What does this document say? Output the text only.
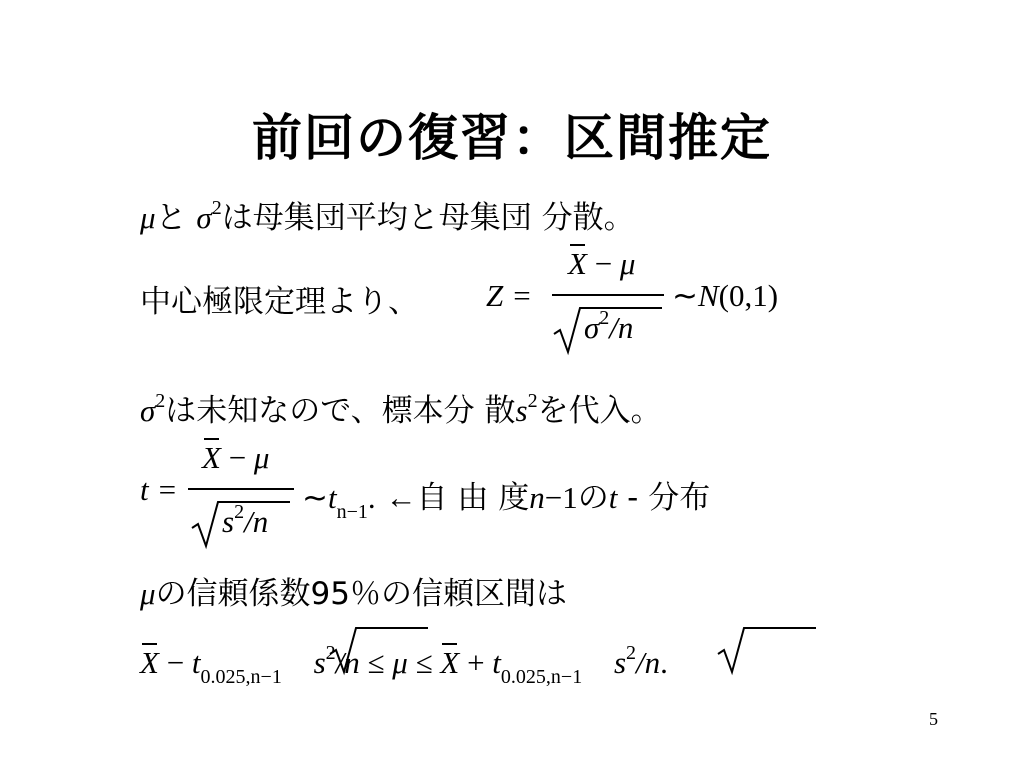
前回の復習：区間推定
μと $\sigma^2$は母集団平均と母集団 分散。
中心極限定理より、 Z =
X − μ
$\sigma^2/n$
∼N(0,1)
$\sigma^2$は未知なので、標本分 散$s^2$を代入。
t =
X − μ
$s^2/n$
$\sim t_{n-1}$. ←自 由 度n−1のt - 分布
μの信頼係数95％の信頼区間は
$X - t_{0.025,n-1}$ $s^2/n \le \mu \le X + t_{0.025,n-1}$ $s^2/n$.
5
